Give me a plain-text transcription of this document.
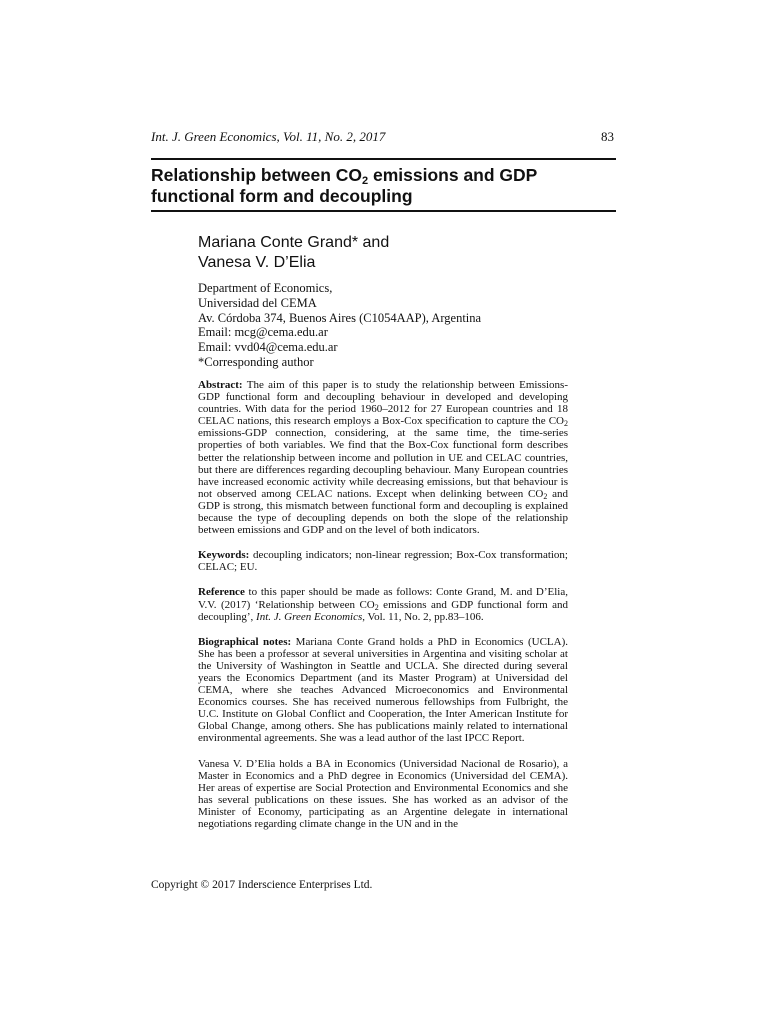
Int. J. Green Economics, Vol. 11, No. 2, 2017	83
Relationship between $CO_2$ emissions and GDP functional form and decoupling
Mariana Conte Grand* and
Vanesa V. D’Elia
Department of Economics,
Universidad del CEMA
Av. Córdoba 374, Buenos Aires (C1054AAP), Argentina
Email: mcg@cema.edu.ar
Email: vvd04@cema.edu.ar
*Corresponding author

Abstract: The aim of this paper is to study the relationship between Emissions-GDP functional form and decoupling behaviour in developed and developing countries. With data for the period 1960–2012 for 27 European countries and 18 CELAC nations, this research employs a Box-Cox specification to capture the $CO_2$ emissions-GDP connection, considering, at the same time, the time-series properties of both variables. We find that the Box-Cox functional form describes better the relationship between income and pollution in UE and CELAC countries, but there are differences regarding decoupling behaviour. Many European countries have increased economic activity while decreasing emissions, but that behaviour is not observed among CELAC nations. Except when delinking between $CO_2$ and GDP is strong, this mismatch between functional form and decoupling is explained because the type of decoupling depends on both the slope of the relationship between emissions and GDP and on the level of both indicators.

Keywords: decoupling indicators; non-linear regression; Box-Cox transformation; CELAC; EU.

Reference to this paper should be made as follows: Conte Grand, M. and D’Elia, V.V. (2017) ‘Relationship between $CO_2$ emissions and GDP functional form and decoupling’, Int. J. Green Economics, Vol. 11, No. 2, pp.83–106.

Biographical notes: Mariana Conte Grand holds a PhD in Economics (UCLA). She has been a professor at several universities in Argentina and visiting scholar at the University of Washington in Seattle and UCLA. She directed during several years the Economics Department (and its Master Program) at Universidad del CEMA, where she teaches Advanced Microeconomics and Environmental Economics courses. She has received numerous fellowships from Fulbright, the U.C. Institute on Global Conflict and Cooperation, the Inter American Institute for Global Change, among others. She has publications mainly related to international environmental agreements. She was a lead author of the last IPCC Report.

Vanesa V. D’Elia holds a BA in Economics (Universidad Nacional de Rosario), a Master in Economics and a PhD degree in Economics (Universidad del CEMA). Her areas of expertise are Social Protection and Environmental Economics and she has several publications on these issues. She has worked as an advisor of the Minister of Economy, participating as an Argentine delegate in international negotiations regarding climate change in the UN and in the

Copyright © 2017 Inderscience Enterprises Ltd.
